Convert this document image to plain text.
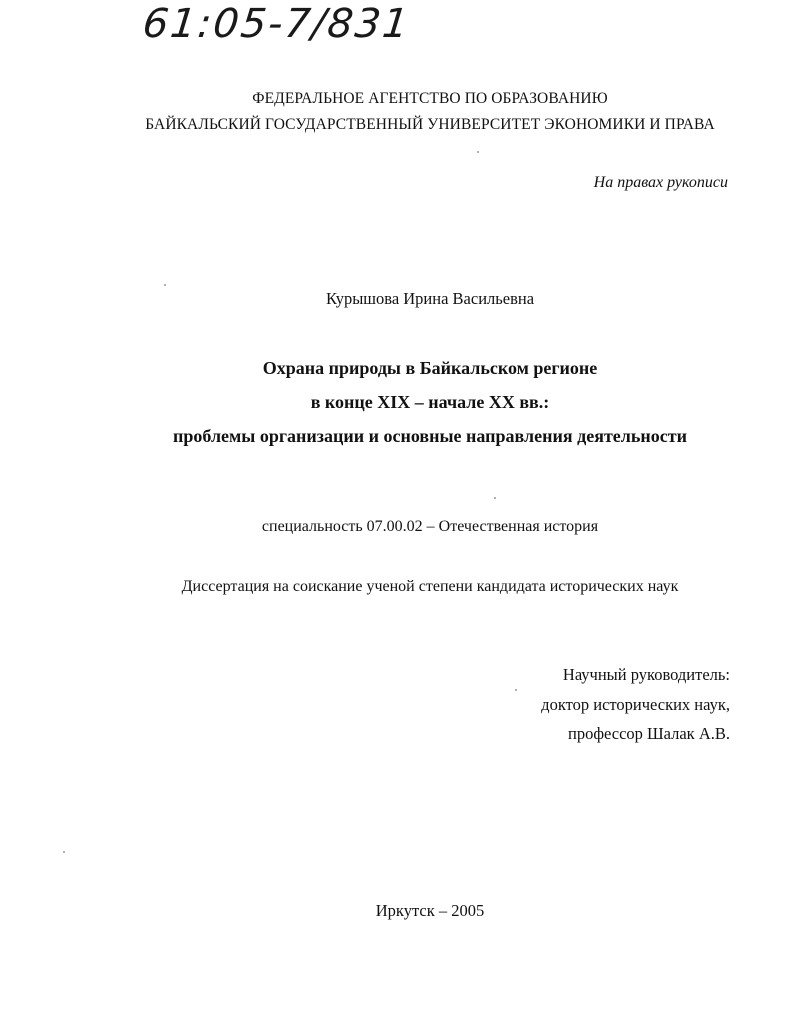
61:05-7/831
ФЕДЕРАЛЬНОЕ АГЕНТСТВО ПО ОБРАЗОВАНИЮ
БАЙКАЛЬСКИЙ ГОСУДАРСТВЕННЫЙ УНИВЕРСИТЕТ ЭКОНОМИКИ И ПРАВА
На правах рукописи
Курышова Ирина Васильевна
Охрана природы в Байкальском регионе
в конце XIX – начале XX вв.:
проблемы организации и основные направления деятельности
специальность 07.00.02 – Отечественная история
Диссертация на соискание ученой степени кандидата исторических наук
Научный руководитель:
доктор исторических наук,
профессор Шалак А.В.
Иркутск – 2005
